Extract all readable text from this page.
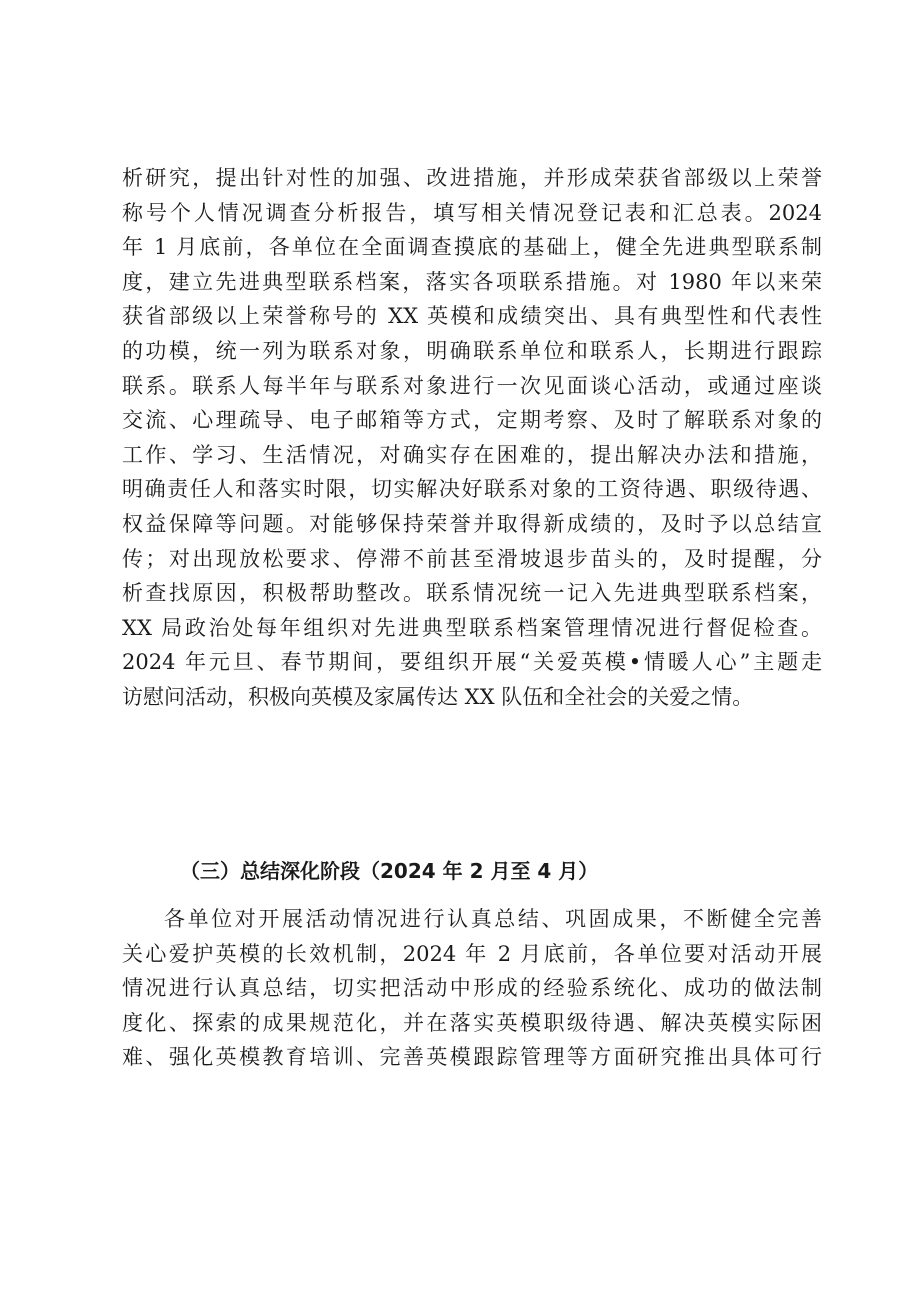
析研究，提出针对性的加强、改进措施，并形成荣获省部级以上荣誉
称号个人情况调查分析报告，填写相关情况登记表和汇总表。2024
年 1 月底前，各单位在全面调查摸底的基础上，健全先进典型联系制
度，建立先进典型联系档案，落实各项联系措施。对 1980 年以来荣
获省部级以上荣誉称号的 XX 英模和成绩突出、具有典型性和代表性
的功模，统一列为联系对象，明确联系单位和联系人，长期进行跟踪
联系。联系人每半年与联系对象进行一次见面谈心活动，或通过座谈
交流、心理疏导、电子邮箱等方式，定期考察、及时了解联系对象的
工作、学习、生活情况，对确实存在困难的，提出解决办法和措施，
明确责任人和落实时限，切实解决好联系对象的工资待遇、职级待遇、
权益保障等问题。对能够保持荣誉并取得新成绩的，及时予以总结宣
传；对出现放松要求、停滞不前甚至滑坡退步苗头的，及时提醒，分
析查找原因，积极帮助整改。联系情况统一记入先进典型联系档案，
XX 局政治处每年组织对先进典型联系档案管理情况进行督促检查。
2024 年元旦、春节期间，要组织开展“关爱英模•情暖人心”主题走
访慰问活动，积极向英模及家属传达 XX 队伍和全社会的关爱之情。
（三）总结深化阶段（2024 年 2 月至 4 月）
各单位对开展活动情况进行认真总结、巩固成果，不断健全完善
关心爱护英模的长效机制，2024 年 2 月底前，各单位要对活动开展
情况进行认真总结，切实把活动中形成的经验系统化、成功的做法制
度化、探索的成果规范化，并在落实英模职级待遇、解决英模实际困
难、强化英模教育培训、完善英模跟踪管理等方面研究推出具体可行
